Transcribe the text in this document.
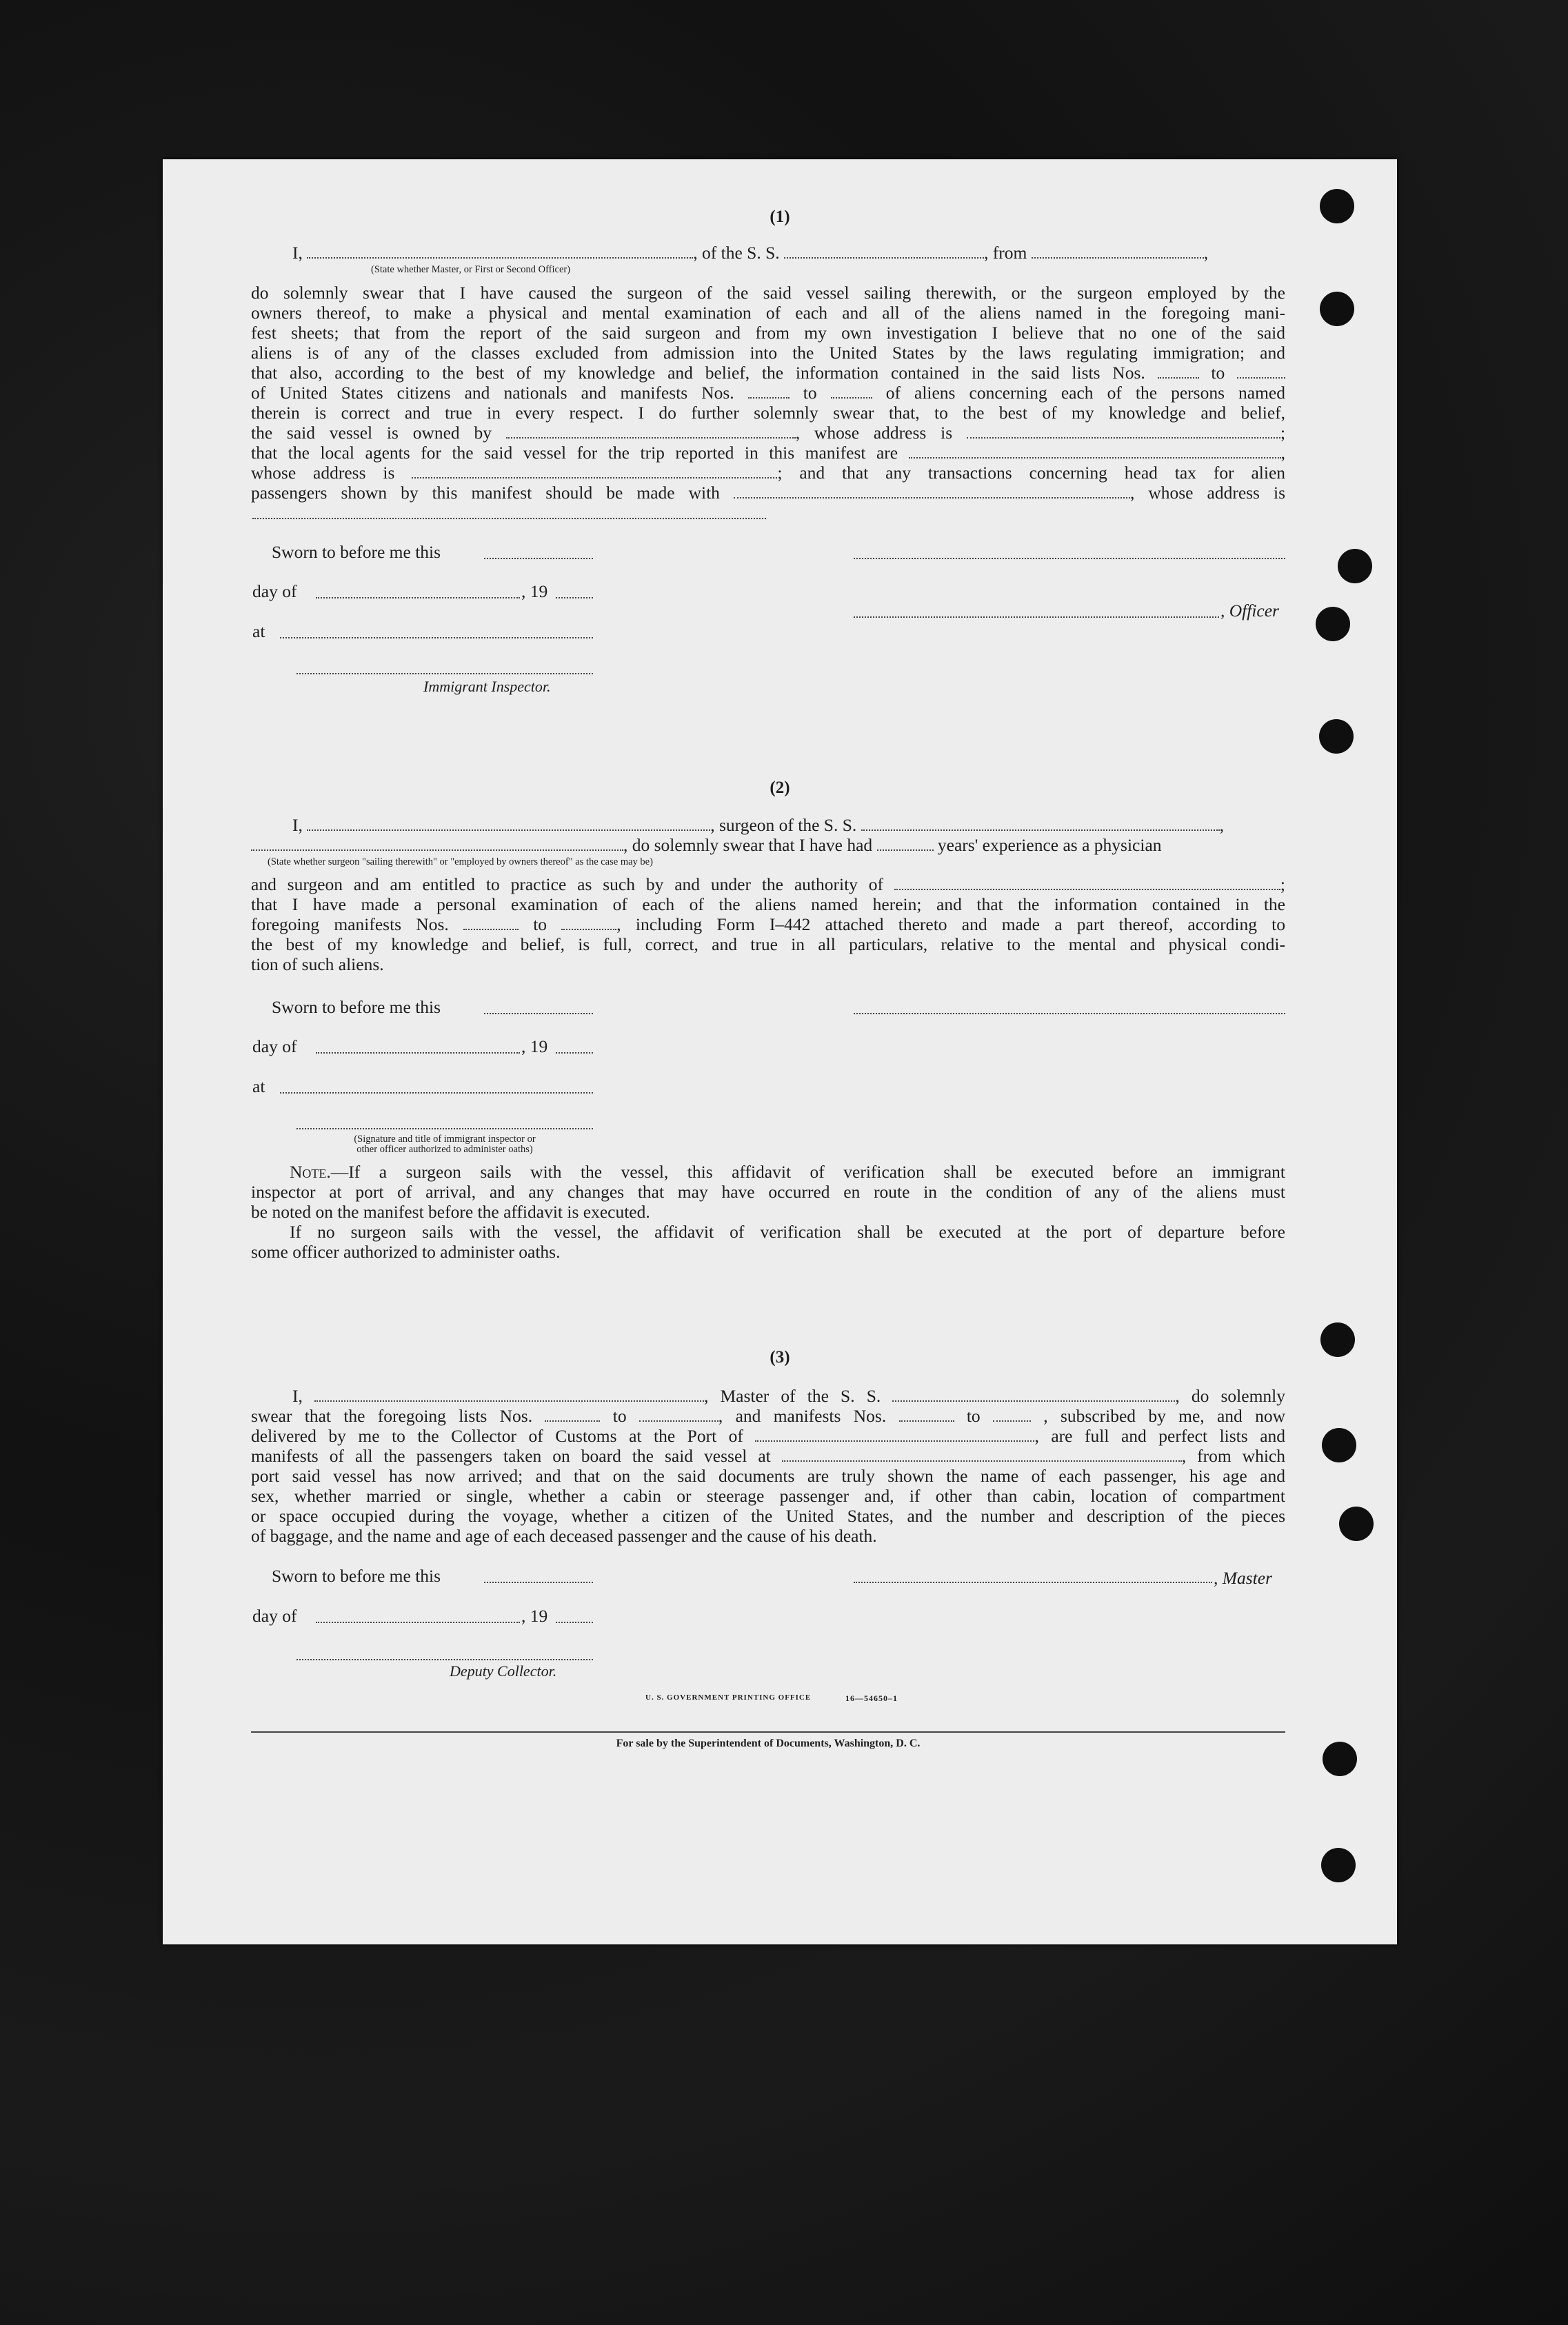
(1)
I,	, of the S. S.	, from	,
(State whether Master, or First or Second Officer)
do solemnly swear that I have caused the surgeon of the said vessel sailing therewith, or the surgeon employed by the
owners thereof, to make a physical and mental examination of each and all of the aliens named in the foregoing mani-
fest sheets; that from the report of the said surgeon and from my own investigation I believe that no one of the said
aliens is of any of the classes excluded from admission into the United States by the laws regulating immigration; and
that also, according to the best of my knowledge and belief, the information contained in the said lists Nos.	to
of United States citizens and nationals and manifests Nos.	to	of aliens concerning each of the persons named
therein is correct and true in every respect. I do further solemnly swear that, to the best of my knowledge and belief,
the said vessel is owned by	, whose address is	;
that the local agents for the said vessel for the trip reported in this manifest are	,
whose address is	; and that any transactions concerning head tax for alien
passengers shown by this manifest should be made with	, whose address is
Sworn to before me this
day of	, 19
, Officer
at
Immigrant Inspector.
(2)
I,	, surgeon of the S. S.	,
, do solemnly swear that I have had	years' experience as a physician
(State whether surgeon "sailing therewith" or "employed by owners thereof" as the case may be)
and surgeon and am entitled to practice as such by and under the authority of	;
that I have made a personal examination of each of the aliens named herein; and that the information contained in the
foregoing manifests Nos.	to	, including Form I–442 attached thereto and made a part thereof, according to
the best of my knowledge and belief, is full, correct, and true in all particulars, relative to the mental and physical condi-
tion of such aliens.
Sworn to before me this
day of	, 19
at
(Signature and title of immigrant inspector or
other officer authorized to administer oaths)
Note.—If a surgeon sails with the vessel, this affidavit of verification shall be executed before an immigrant
inspector at port of arrival, and any changes that may have occurred en route in the condition of any of the aliens must
be noted on the manifest before the affidavit is executed.
If no surgeon sails with the vessel, the affidavit of verification shall be executed at the port of departure before
some officer authorized to administer oaths.
(3)
I,	, Master of the S. S.	, do solemnly
swear that the foregoing lists Nos.	to	, and manifests Nos.	to	, subscribed by me, and now
delivered by me to the Collector of Customs at the Port of	, are full and perfect lists and
manifests of all the passengers taken on board the said vessel at	, from which
port said vessel has now arrived; and that on the said documents are truly shown the name of each passenger, his age and
sex, whether married or single, whether a cabin or steerage passenger and, if other than cabin, location of compartment
or space occupied during the voyage, whether a citizen of the United States, and the number and description of the pieces
of baggage, and the name and age of each deceased passenger and the cause of his death.
Sworn to before me this	, Master
day of	, 19
Deputy Collector.
U. S. GOVERNMENT PRINTING OFFICE	16—54650–1
For sale by the Superintendent of Documents, Washington, D. C.
